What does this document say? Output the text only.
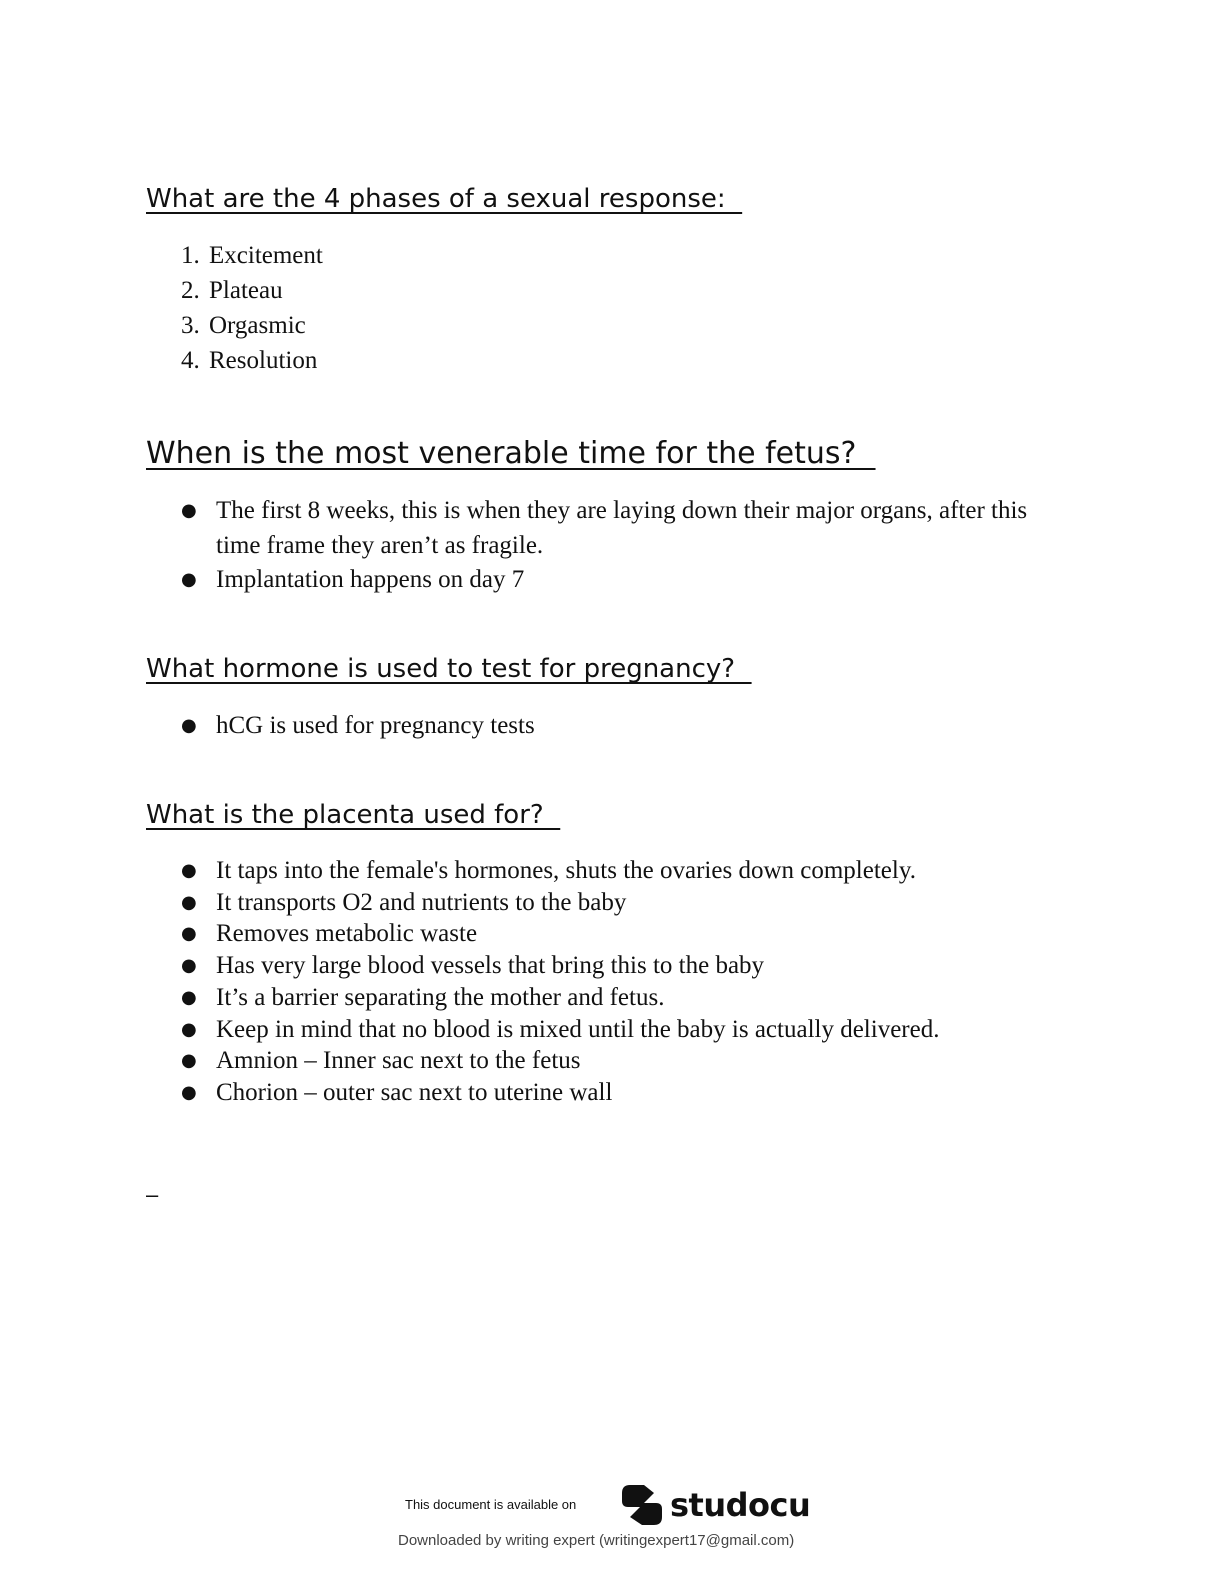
What are the 4 phases of a sexual response:
1. Excitement
2. Plateau
3. Orgasmic
4. Resolution
When is the most venerable time for the fetus?
● The first 8 weeks, this is when they are laying down their major organs, after this time frame they aren’t as fragile.
● Implantation happens on day 7
What hormone is used to test for pregnancy?
● hCG is used for pregnancy tests
What is the placenta used for?
● It taps into the female's hormones, shuts the ovaries down completely.
● It transports O2 and nutrients to the baby
● Removes metabolic waste
● Has very large blood vessels that bring this to the baby
● It’s a barrier separating the mother and fetus.
● Keep in mind that no blood is mixed until the baby is actually delivered.
● Amnion – Inner sac next to the fetus
● Chorion – outer sac next to uterine wall
–
This document is available on	studocu
Downloaded by writing expert (writingexpert17@gmail.com)
